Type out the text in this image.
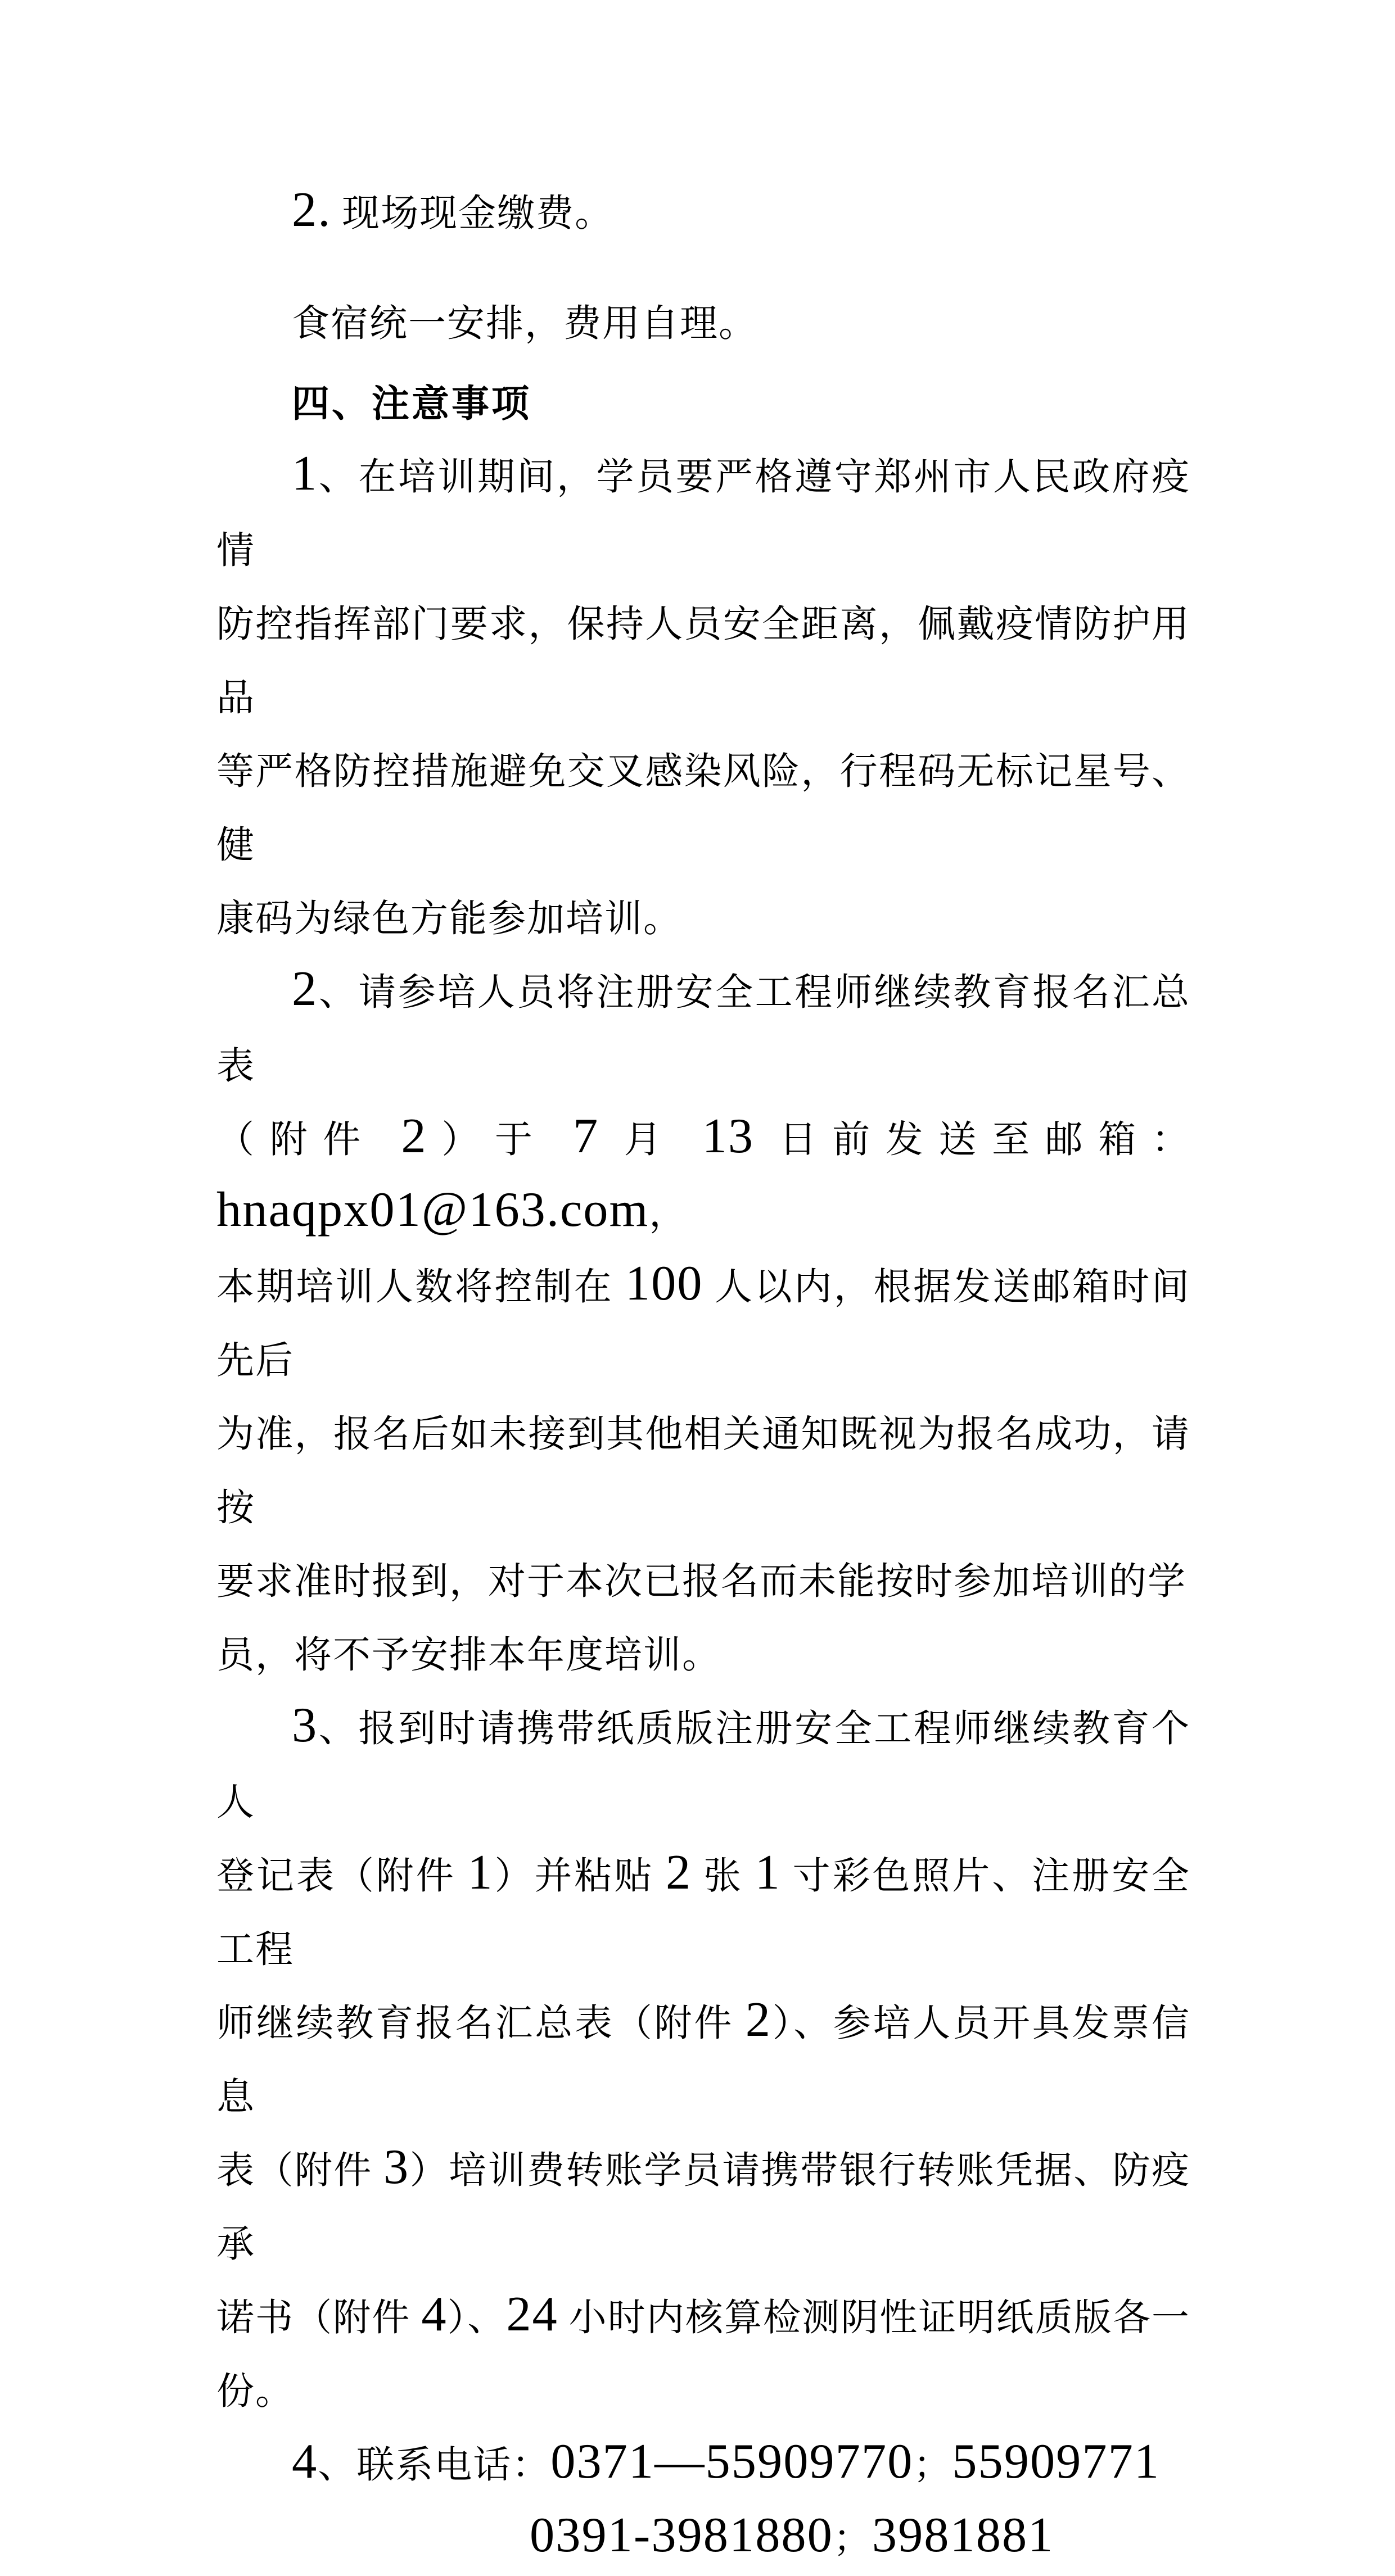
2. 现场现金缴费。
食宿统一安排，费用自理。
四、注意事项
1、在培训期间，学员要严格遵守郑州市人民政府疫情
防控指挥部门要求，保持人员安全距离，佩戴疫情防护用品
等严格防控措施避免交叉感染风险，行程码无标记星号、健
康码为绿色方能参加培训。
2、请参培人员将注册安全工程师继续教育报名汇总表
（附件 2）于 7 月 13 日前发送至邮箱：hnaqpx01@163.com，
本期培训人数将控制在 100 人以内，根据发送邮箱时间先后
为准，报名后如未接到其他相关通知既视为报名成功，请按
要求准时报到，对于本次已报名而未能按时参加培训的学
员，将不予安排本年度培训。
3、报到时请携带纸质版注册安全工程师继续教育个人
登记表（附件 1）并粘贴 2 张 1 寸彩色照片、注册安全工程
师继续教育报名汇总表（附件 2）、参培人员开具发票信息
表（附件 3）培训费转账学员请携带银行转账凭据、防疫承
诺书（附件 4）、24 小时内核算检测阴性证明纸质版各一份。
4、联系电话：0371—55909770；55909771
0391-3981880；3981881
